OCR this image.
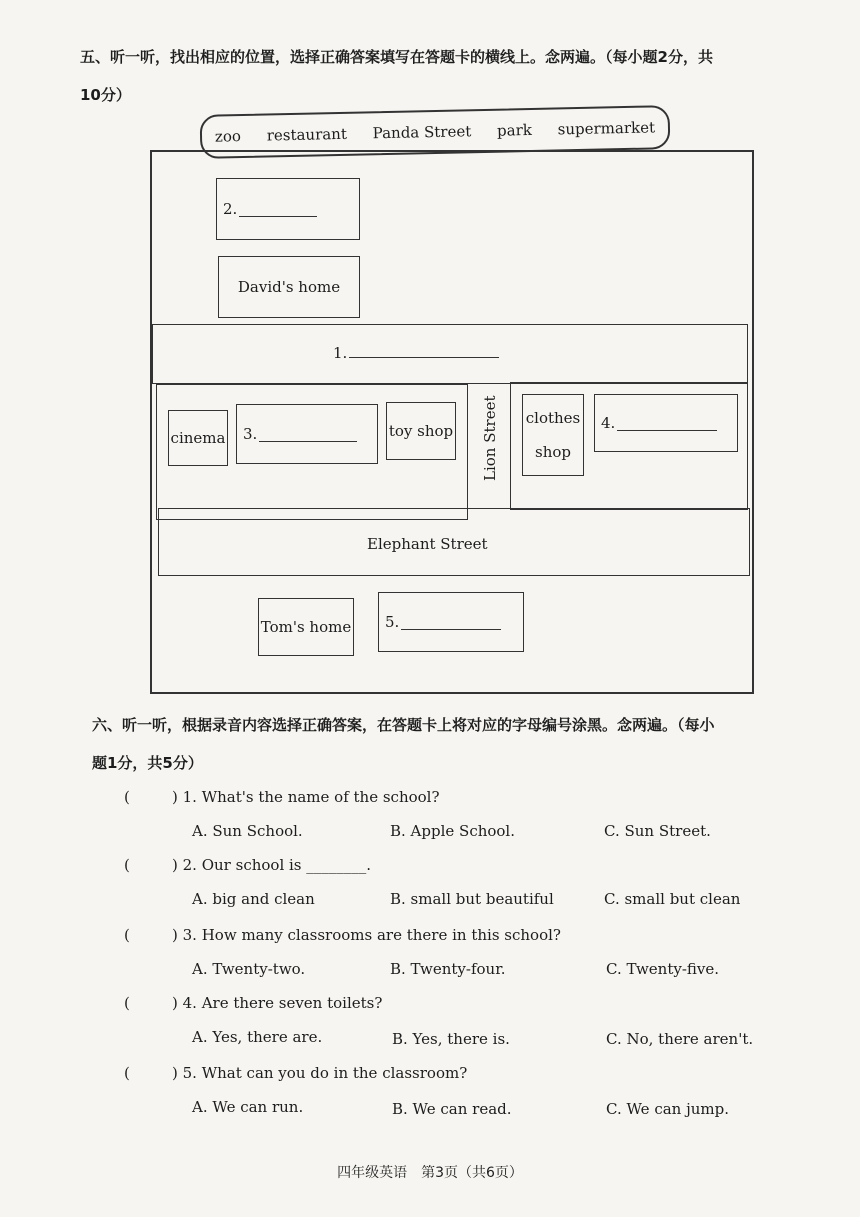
五、听一听，找出相应的位置，选择正确答案填写在答题卡的横线上。念两遍。（每小题2分，共
10分）
zoo restaurant Panda Street park supermarket
2.
David's home
1.
cinema 3.	toy shop Lion Street clothes
shop
4.
Elephant Street
Tom's home 5.
六、听一听，根据录音内容选择正确答案，在答题卡上将对应的字母编号涂黑。念两遍。（每小
题1分，共5分）
(	) 1. What's the name of the school?
A. Sun School.	B. Apple School.	C. Sun Street.
(	) 2. Our school is ________.
A. big and clean	B. small but beautiful	C. small but clean
(	) 3. How many classrooms are there in this school?
A. Twenty-two.	B. Twenty-four.	C. Twenty-five.
(	) 4. Are there seven toilets?
A. Yes, there are.	B. Yes, there is.	C. No, there aren't.
(	) 5. What can you do in the classroom?
A. We can run.	B. We can read.	C. We can jump.
四年级英语　第3页（共6页）
